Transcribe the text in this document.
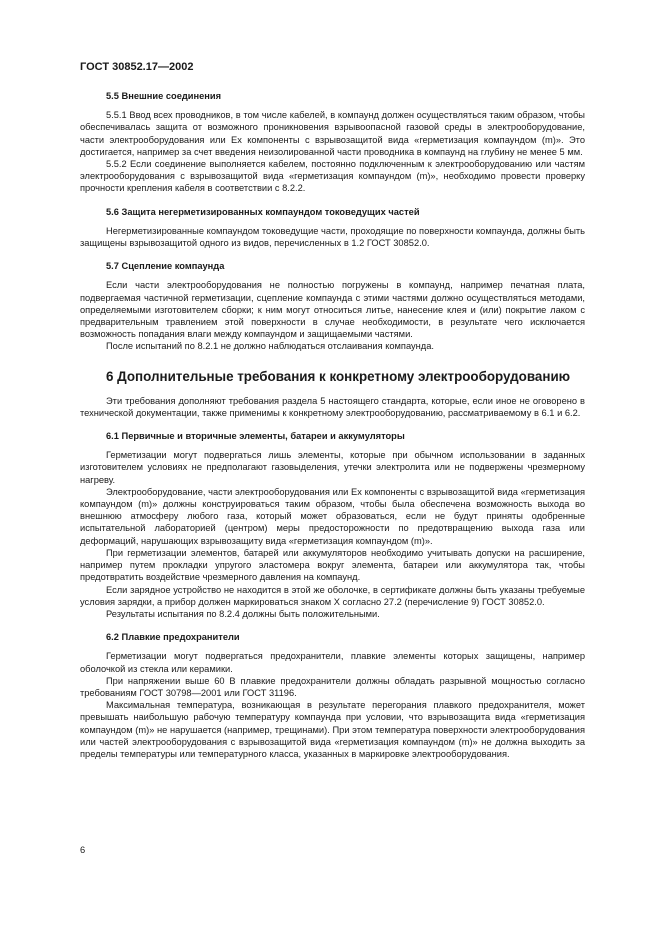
ГОСТ 30852.17—2002
5.5 Внешние соединения

5.5.1 Ввод всех проводников, в том числе кабелей, в компаунд должен осуществляться таким образом, чтобы обеспечивалась защита от возможного проникновения взрывоопасной газовой среды в электрооборудование, части электрооборудования или Ex компоненты с взрывозащитой вида «герметизация компаундом (m)». Это достигается, например за счет введения неизолированной части проводника в компаунд на глубину не менее 5 мм.

5.5.2 Если соединение выполняется кабелем, постоянно подключенным к электрооборудованию или частям электрооборудования с взрывозащитой вида «герметизация компаундом (m)», необходимо провести проверку прочности крепления кабеля в соответствии с 8.2.2.

5.6 Защита негерметизированных компаундом токоведущих частей

Негерметизированные компаундом токоведущие части, проходящие по поверхности компаунда, должны быть защищены взрывозащитой одного из видов, перечисленных в 1.2 ГОСТ 30852.0.

5.7 Сцепление компаунда

Если части электрооборудования не полностью погружены в компаунд, например печатная плата, подвергаемая частичной герметизации, сцепление компаунда с этими частями должно осуществляться методами, определяемыми изготовителем сборки; к ним могут относиться литье, нанесение клея и (или) покрытие лаком с предварительным травлением этой поверхности в случае необходимости, в результате чего исключается возможность попадания влаги между компаундом и защищаемыми частями.

После испытаний по 8.2.1 не должно наблюдаться отслаивания компаунда.

6 Дополнительные требования к конкретному электрооборудованию

Эти требования дополняют требования раздела 5 настоящего стандарта, которые, если иное не оговорено в технической документации, также применимы к конкретному электрооборудованию, рассматриваемому в 6.1 и 6.2.

6.1 Первичные и вторичные элементы, батареи и аккумуляторы

Герметизации могут подвергаться лишь элементы, которые при обычном использовании в заданных изготовителем условиях не предполагают газовыделения, утечки электролита или не подвержены чрезмерному нагреву.

Электрооборудование, части электрооборудования или Ex компоненты с взрывозащитой вида «герметизация компаундом (m)» должны конструироваться таким образом, чтобы была обеспечена возможность выхода во внешнюю атмосферу любого газа, который может образоваться, если не будут приняты одобренные испытательной лабораторией (центром) меры предосторожности по предотвращению выхода газа или деформаций, нарушающих взрывозащиту вида «герметизация компаундом (m)».

При герметизации элементов, батарей или аккумуляторов необходимо учитывать допуски на расширение, например путем прокладки упругого эластомера вокруг элемента, батареи или аккумулятора так, чтобы предотвратить воздействие чрезмерного давления на компаунд.

Если зарядное устройство не находится в этой же оболочке, в сертификате должны быть указаны требуемые условия зарядки, а прибор должен маркироваться знаком X согласно 27.2 (перечисление 9) ГОСТ 30852.0.

Результаты испытания по 8.2.4 должны быть положительными.

6.2 Плавкие предохранители

Герметизации могут подвергаться предохранители, плавкие элементы которых защищены, например оболочкой из стекла или керамики.

При напряжении выше 60 В плавкие предохранители должны обладать разрывной мощностью согласно требованиям ГОСТ 30798—2001 или ГОСТ 31196.

Максимальная температура, возникающая в результате перегорания плавкого предохранителя, может превышать наибольшую рабочую температуру компаунда при условии, что взрывозащита вида «герметизация компаундом (m)» не нарушается (например, трещинами). При этом температура поверхности электрооборудования или частей электрооборудования с взрывозащитой вида «герметизация компаундом (m)» не должна выходить за пределы температуры или температурного класса, указанных в маркировке электрооборудования.

6
